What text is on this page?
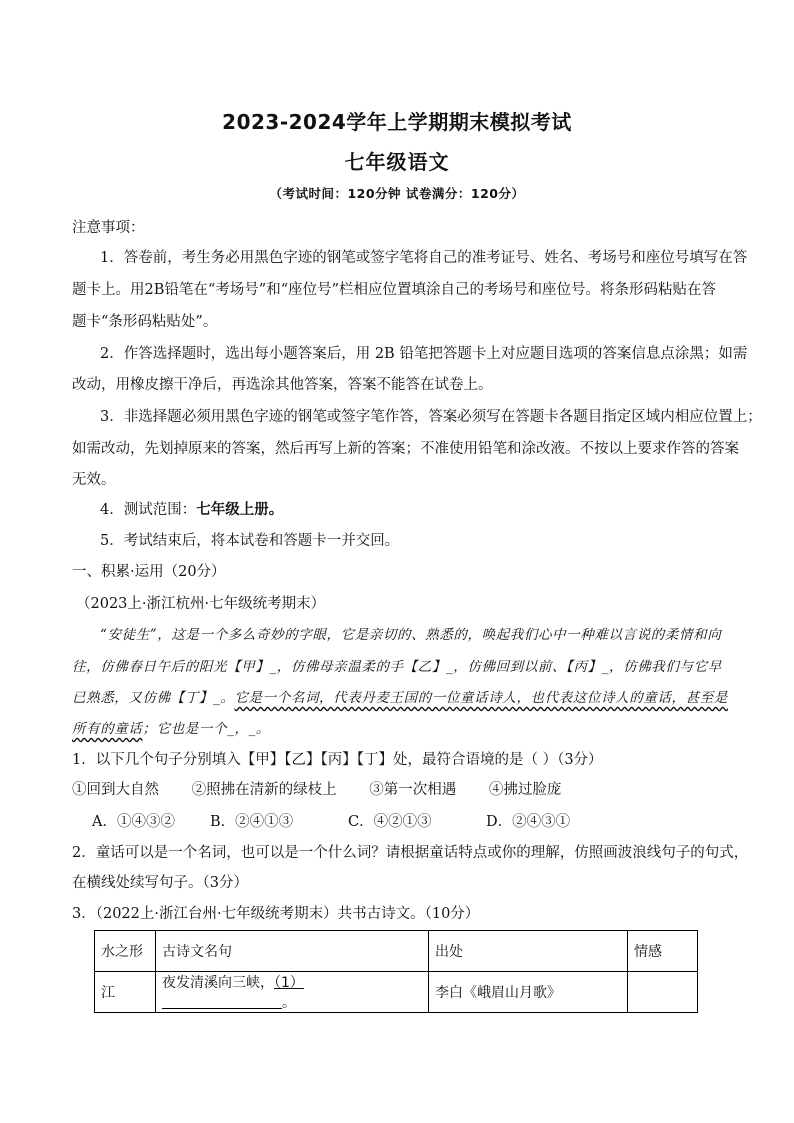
2023-2024学年上学期期末模拟考试
七年级语文
（考试时间：120分钟 试卷满分：120分）
注意事项：
1．答卷前，考生务必用黑色字迹的钢笔或签字笔将自己的准考证号、姓名、考场号和座位号填写在答
题卡上。用2B铅笔在“考场号”和“座位号”栏相应位置填涂自己的考场号和座位号。将条形码粘贴在答
题卡“条形码粘贴处”。
2．作答选择题时，选出每小题答案后，用 2B 铅笔把答题卡上对应题目选项的答案信息点涂黑；如需
改动，用橡皮擦干净后，再选涂其他答案，答案不能答在试卷上。
3．非选择题必须用黑色字迹的钢笔或签字笔作答，答案必须写在答题卡各题目指定区域内相应位置上；
如需改动，先划掉原来的答案，然后再写上新的答案；不准使用铅笔和涂改液。不按以上要求作答的答案
无效。
4．测试范围：七年级上册。
5．考试结束后，将本试卷和答题卡一并交回。
一、积累·运用（20分）
（2023上·浙江杭州·七年级统考期末）
“安徒生”，这是一个多么奇妙的字眼，它是亲切的、熟悉的，唤起我们心中一种难以言说的柔情和向
往，仿佛春日午后的阳光【甲】_，仿佛母亲温柔的手【乙】_，仿佛回到以前、【丙】_，仿佛我们与它早
已熟悉，又仿佛【丁】_。它是一个名词，代表丹麦王国的一位童话诗人，也代表这位诗人的童话，甚至是
所有的童话；它也是一个_，_。
1．以下几个句子分别填入【甲】【乙】【丙】【丁】处，最符合语境的是（ ）（3分）
①回到大自然 ②照拂在清新的绿枝上 ③第一次相遇 ④拂过脸庞
A．①④③② B．②④①③	C．④②①③	D．②④③①
2．童话可以是一个名词，也可以是一个什么词？请根据童话特点或你的理解，仿照画波浪线句子的句式，
在横线处续写句子。（3分）
3．（2022上·浙江台州·七年级统考期末）共书古诗文。（10分）
水之形	古诗文名句	出处	情感
江	夜发清溪向三峡，（1）。	李白《峨眉山月歌》	
